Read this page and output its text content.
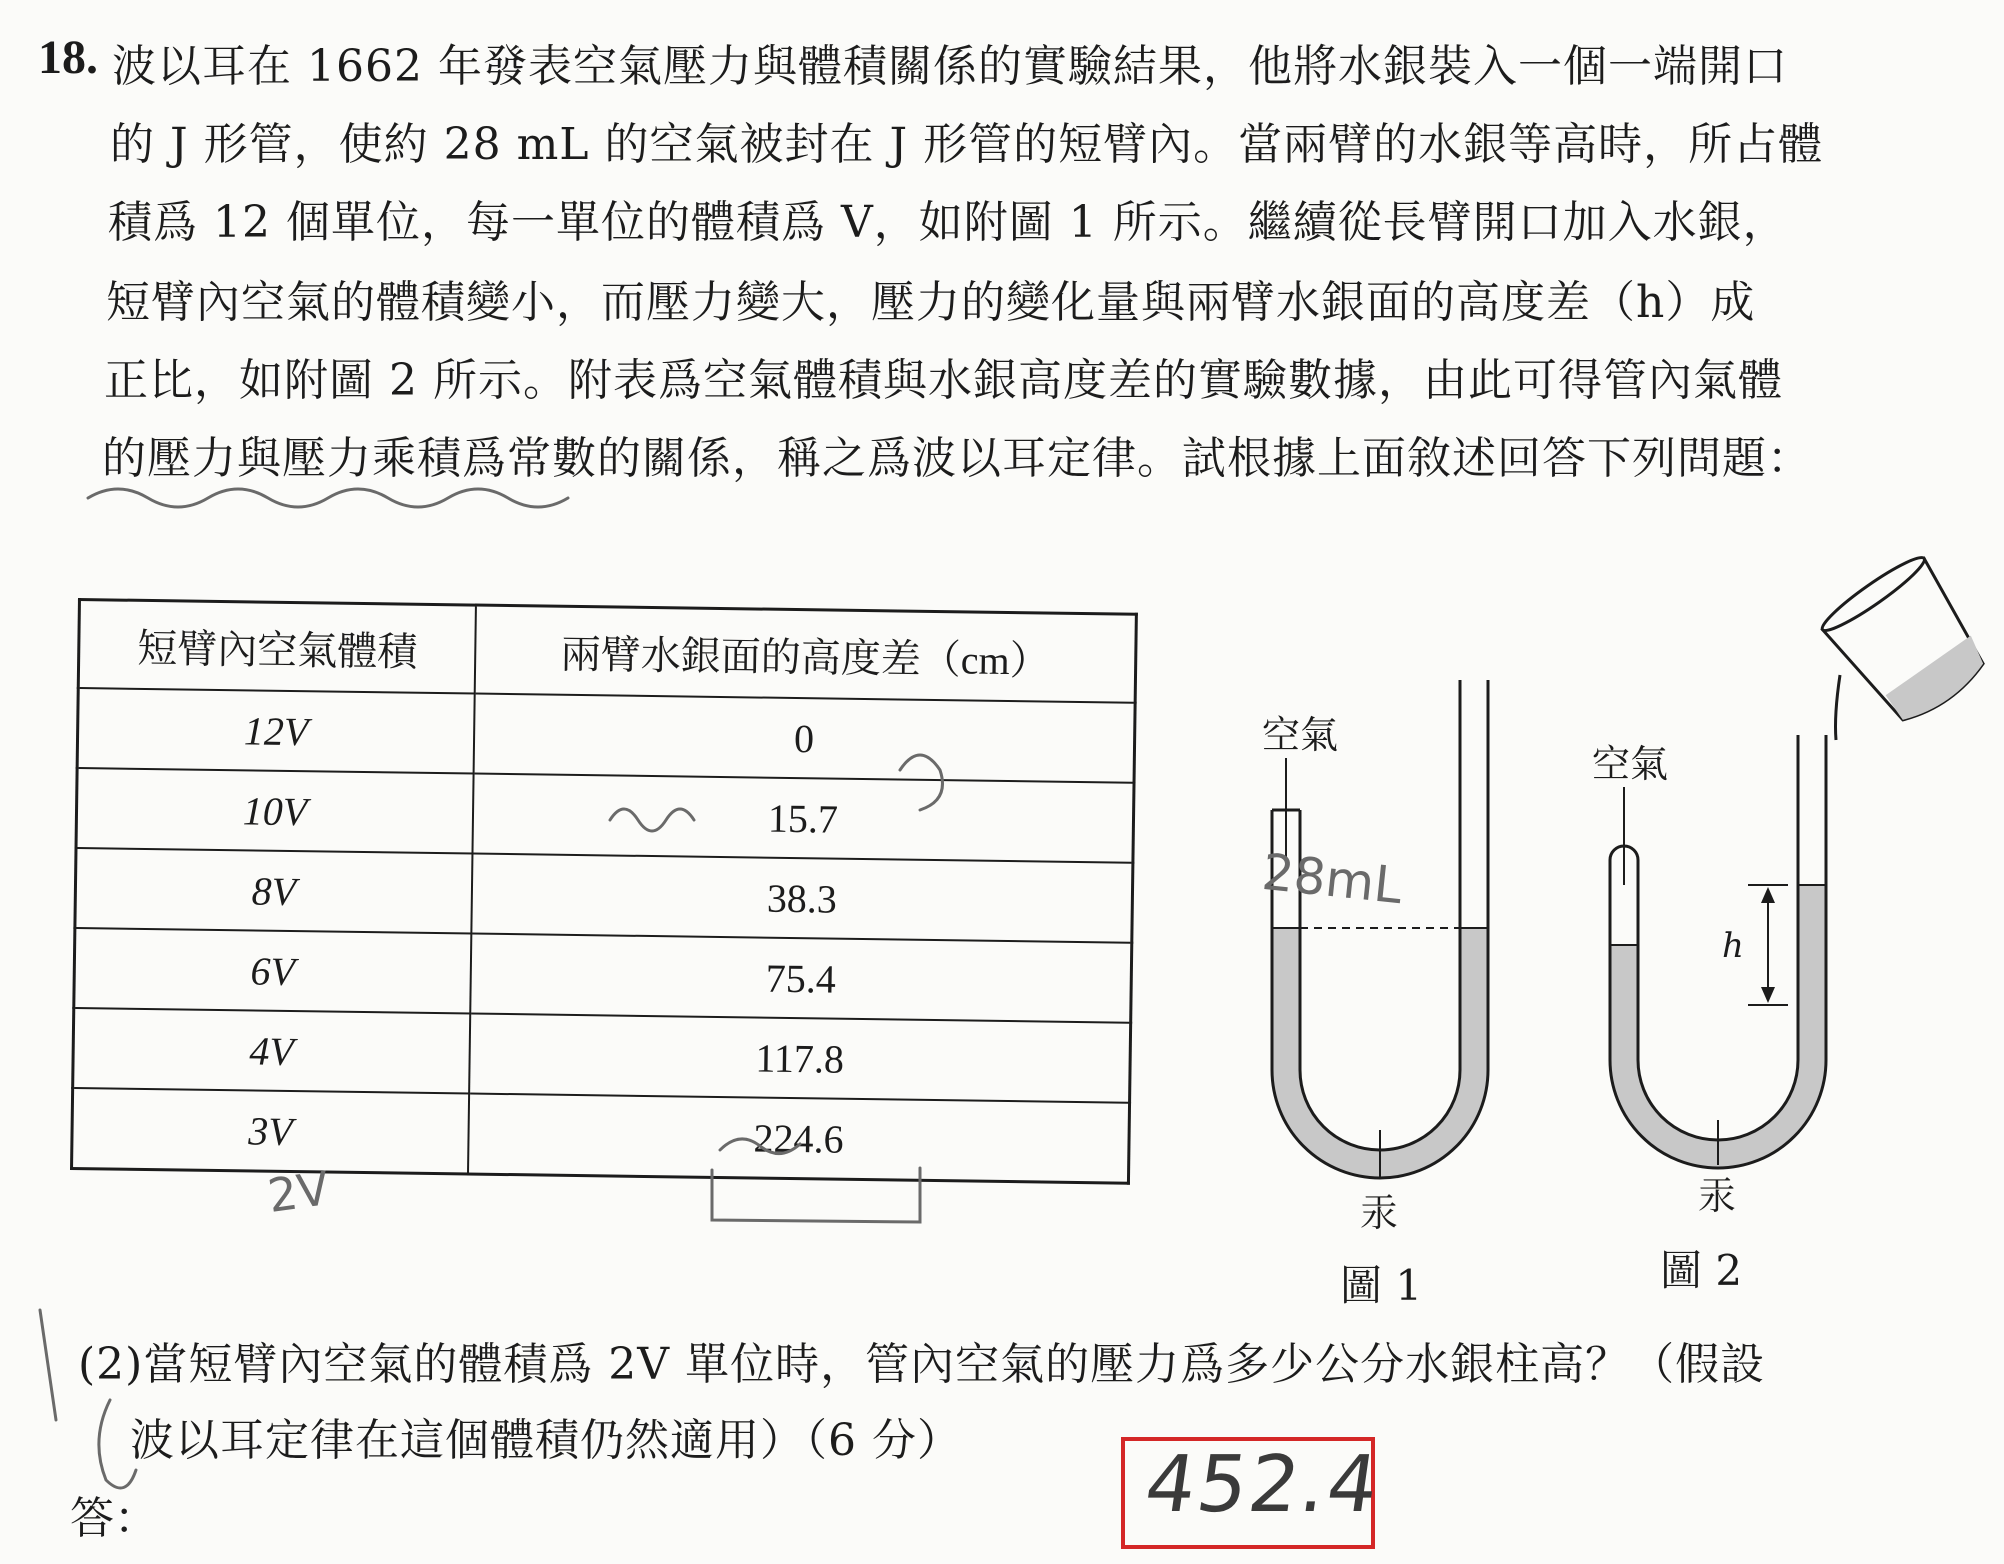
18. 波以耳在 1662 年發表空氣壓力與體積關係的實驗結果，他將水銀裝入一個一端開口
的 J 形管，使約 28 mL 的空氣被封在 J 形管的短臂內。當兩臂的水銀等高時，所占體
積爲 12 個單位，每一單位的體積爲 V，如附圖 1 所示。繼續從長臂開口加入水銀，
短臂內空氣的體積變小，而壓力變大，壓力的變化量與兩臂水銀面的高度差（h）成
正比，如附圖 2 所示。附表爲空氣體積與水銀高度差的實驗數據，由此可得管內氣體
的壓力與壓力乘積爲常數的關係，稱之爲波以耳定律。試根據上面敘述回答下列問題：
短臂內空氣體積	兩臂水銀面的高度差（cm）
12V	0
10V	15.7
8V	38.3
6V	75.4
4V	117.8
3V	224.6
空氣
汞
圖 1
空氣
h
汞
圖 2
(2)當短臂內空氣的體積爲 2V 單位時，管內空氣的壓力爲多少公分水銀柱高？（假設
波以耳定律在這個體積仍然適用）（6 分）
答：	452.4
2V
28mL
